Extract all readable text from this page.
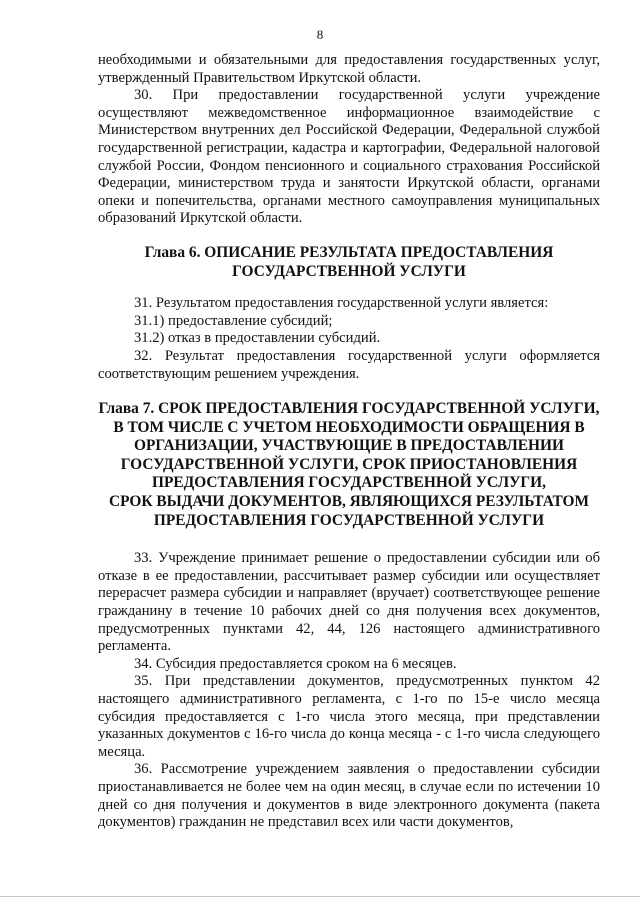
8

необходимыми и обязательными для предоставления государственных услуг, утвержденный Правительством Иркутской области.

30. При предоставлении государственной услуги учреждение осуществляют межведомственное информационное взаимодействие с Министерством внутренних дел Российской Федерации, Федеральной службой государственной регистрации, кадастра и картографии, Федеральной налоговой службой России, Фондом пенсионного и социального страхования Российской Федерации, министерством труда и занятости Иркутской области, органами опеки и попечительства, органами местного самоуправления муниципальных образований Иркутской области.

Глава 6. ОПИСАНИЕ РЕЗУЛЬТАТА ПРЕДОСТАВЛЕНИЯ
ГОСУДАРСТВЕННОЙ УСЛУГИ

31. Результатом предоставления государственной услуги является:

31.1) предоставление субсидий;

31.2) отказ в предоставлении субсидий.

32. Результат предоставления государственной услуги оформляется соответствующим решением учреждения.

Глава 7. СРОК ПРЕДОСТАВЛЕНИЯ ГОСУДАРСТВЕННОЙ УСЛУГИ,
В ТОМ ЧИСЛЕ С УЧЕТОМ НЕОБХОДИМОСТИ ОБРАЩЕНИЯ В
ОРГАНИЗАЦИИ, УЧАСТВУЮЩИЕ В ПРЕДОСТАВЛЕНИИ
ГОСУДАРСТВЕННОЙ УСЛУГИ, СРОК ПРИОСТАНОВЛЕНИЯ
ПРЕДОСТАВЛЕНИЯ ГОСУДАРСТВЕННОЙ УСЛУГИ,
СРОК ВЫДАЧИ ДОКУМЕНТОВ, ЯВЛЯЮЩИХСЯ РЕЗУЛЬТАТОМ
ПРЕДОСТАВЛЕНИЯ ГОСУДАРСТВЕННОЙ УСЛУГИ

33. Учреждение принимает решение о предоставлении субсидии или об отказе в ее предоставлении, рассчитывает размер субсидии или осуществляет перерасчет размера субсидии и направляет (вручает) соответствующее решение гражданину в течение 10 рабочих дней со дня получения всех документов, предусмотренных пунктами 42, 44, 126 настоящего административного регламента.

34. Субсидия предоставляется сроком на 6 месяцев.

35. При представлении документов, предусмотренных пунктом 42 настоящего административного регламента, с 1-го по 15-е число месяца субсидия предоставляется с 1-го числа этого месяца, при представлении указанных документов с 16-го числа до конца месяца - с 1-го числа следующего месяца.

36. Рассмотрение учреждением заявления о предоставлении субсидии приостанавливается не более чем на один месяц, в случае если по истечении 10 дней со дня получения и документов в виде электронного документа (пакета документов) гражданин не представил всех или части документов,
